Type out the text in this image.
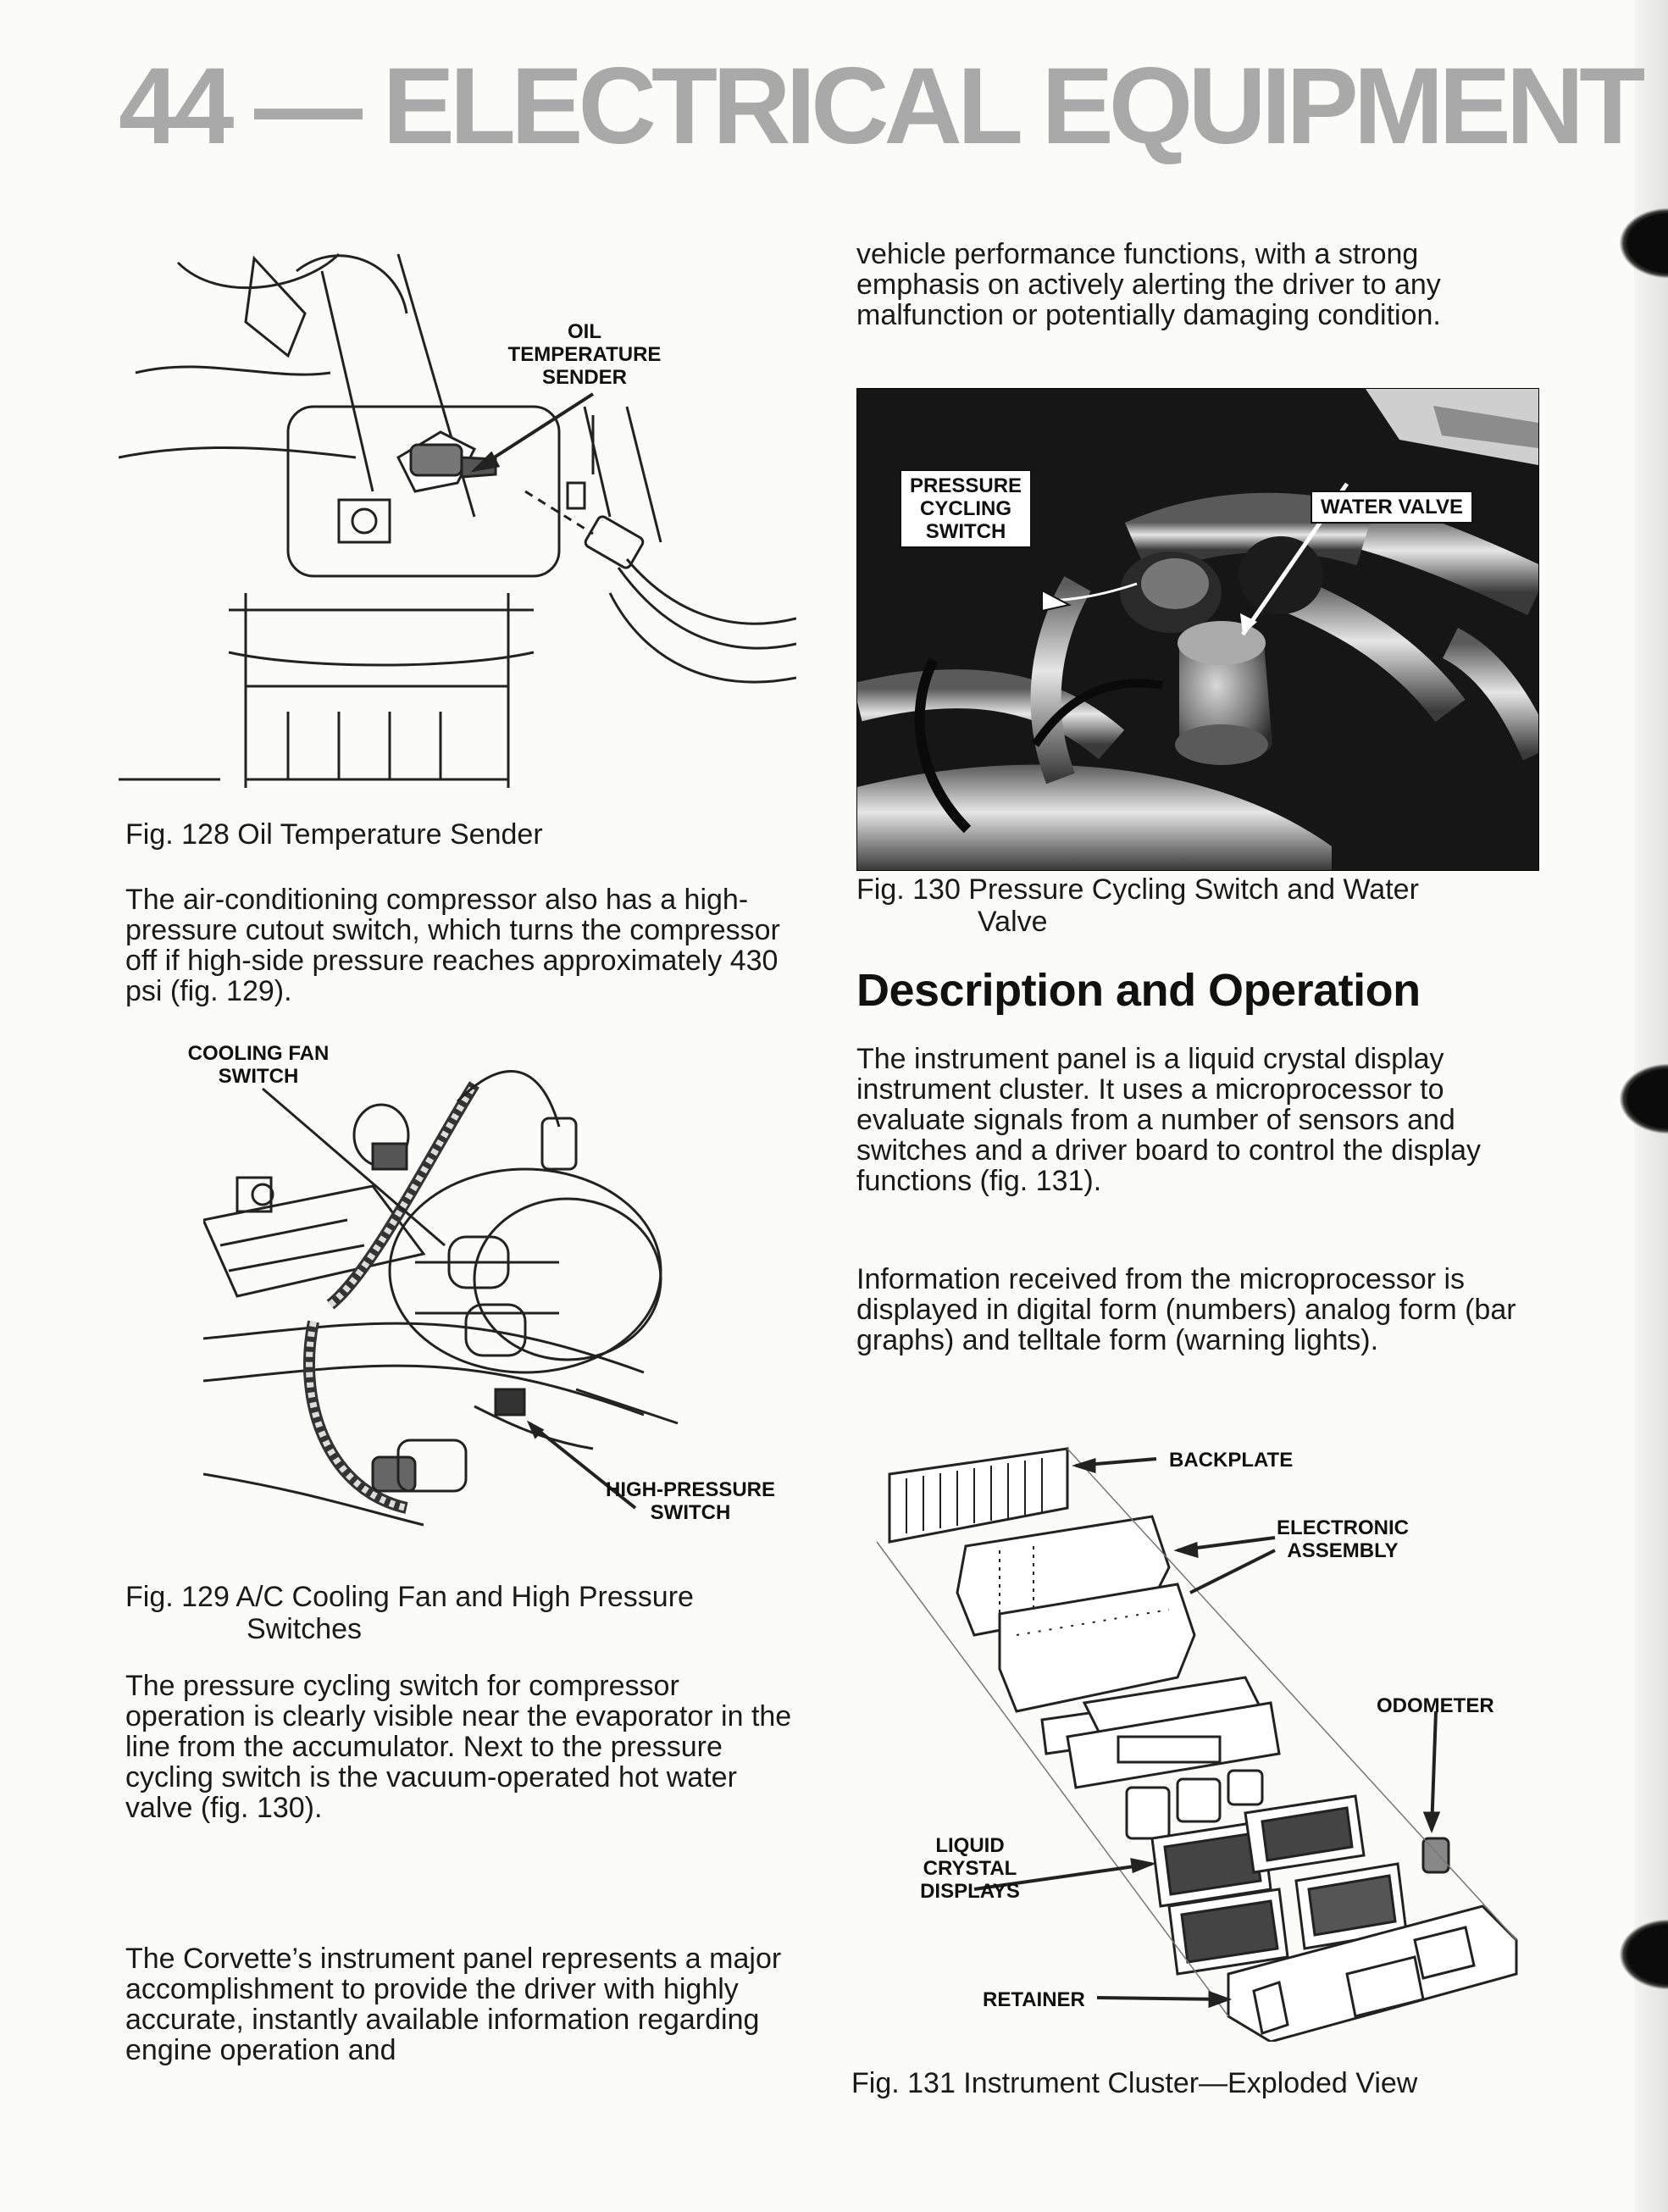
44 — ELECTRICAL EQUIPMENT
OIL
TEMPERATURE
SENDER

Fig. 128 Oil Temperature Sender

The air-conditioning compressor also has a high-pressure cutout switch, which turns the compressor off if high-side pressure reaches approximately 430 psi (fig. 129).

COOLING FAN
SWITCH
HIGH-PRESSURE
SWITCH

Fig. 129 A/C Cooling Fan and High Pressure
Switches

The pressure cycling switch for compressor operation is clearly visible near the evaporator in the line from the accumulator. Next to the pressure cycling switch is the vacuum-operated hot water valve (fig. 130).

The Corvette’s instrument panel represents a major accomplishment to provide the driver with highly accurate, instantly available information regarding engine operation and

vehicle performance functions, with a strong emphasis on actively alerting the driver to any malfunction or potentially damaging condition.

PRESSURE
CYCLING
SWITCH
WATER VALVE

Fig. 130 Pressure Cycling Switch and Water
Valve

Description and Operation

The instrument panel is a liquid crystal display instrument cluster. It uses a microprocessor to evaluate signals from a number of sensors and switches and a driver board to control the display functions (fig. 131).

Information received from the microprocessor is displayed in digital form (numbers) analog form (bar graphs) and telltale form (warning lights).

BACKPLATE
ELECTRONIC
ASSEMBLY
ODOMETER
LIQUID
CRYSTAL
DISPLAYS
RETAINER

Fig. 131 Instrument Cluster—Exploded View
